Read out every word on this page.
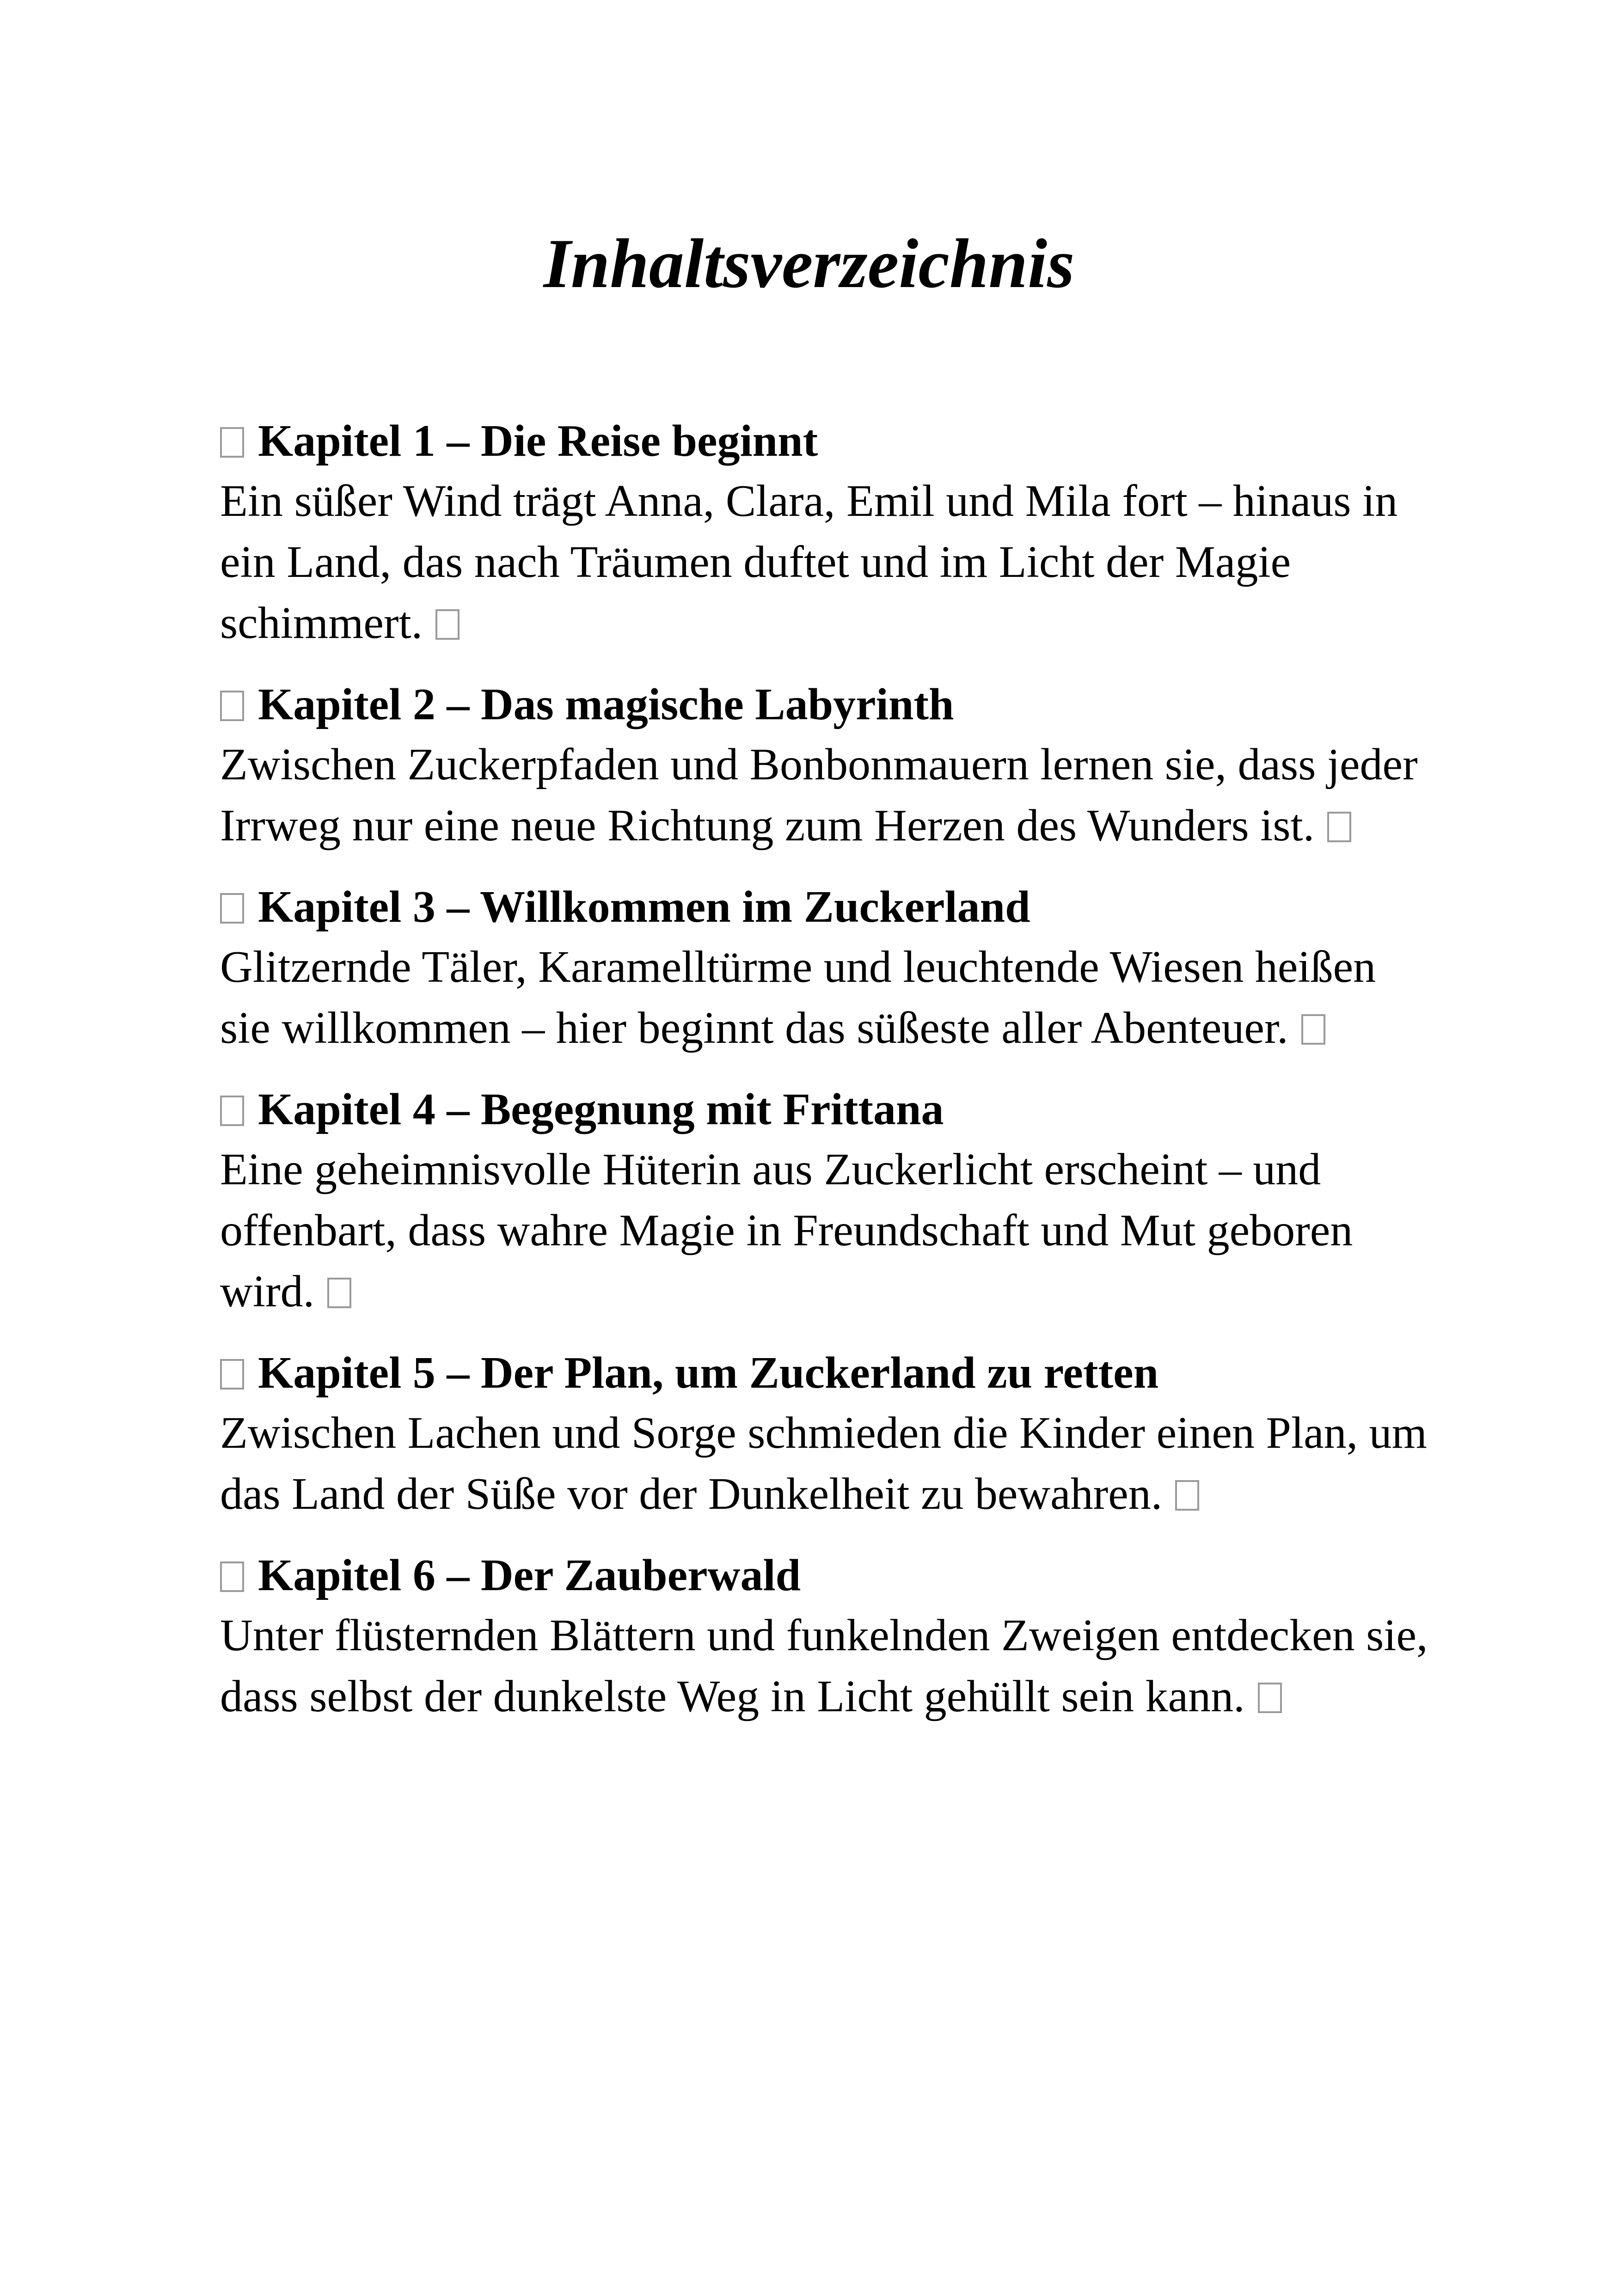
Inhaltsverzeichnis
Kapitel 1 – Die Reise beginnt
Ein süßer Wind trägt Anna, Clara, Emil und Mila fort – hinaus in ein Land, das nach Träumen duftet und im Licht der Magie schimmert.
Kapitel 2 – Das magische Labyrinth
Zwischen Zuckerpfaden und Bonbonmauern lernen sie, dass jeder Irrweg nur eine neue Richtung zum Herzen des Wunders ist.
Kapitel 3 – Willkommen im Zuckerland
Glitzernde Täler, Karamelltürme und leuchtende Wiesen heißen sie willkommen – hier beginnt das süßeste aller Abenteuer.
Kapitel 4 – Begegnung mit Frittana
Eine geheimnisvolle Hüterin aus Zuckerlicht erscheint – und offenbart, dass wahre Magie in Freundschaft und Mut geboren wird.
Kapitel 5 – Der Plan, um Zuckerland zu retten
Zwischen Lachen und Sorge schmieden die Kinder einen Plan, um das Land der Süße vor der Dunkelheit zu bewahren.
Kapitel 6 – Der Zauberwald
Unter flüsternden Blättern und funkelnden Zweigen entdecken sie, dass selbst der dunkelste Weg in Licht gehüllt sein kann.
